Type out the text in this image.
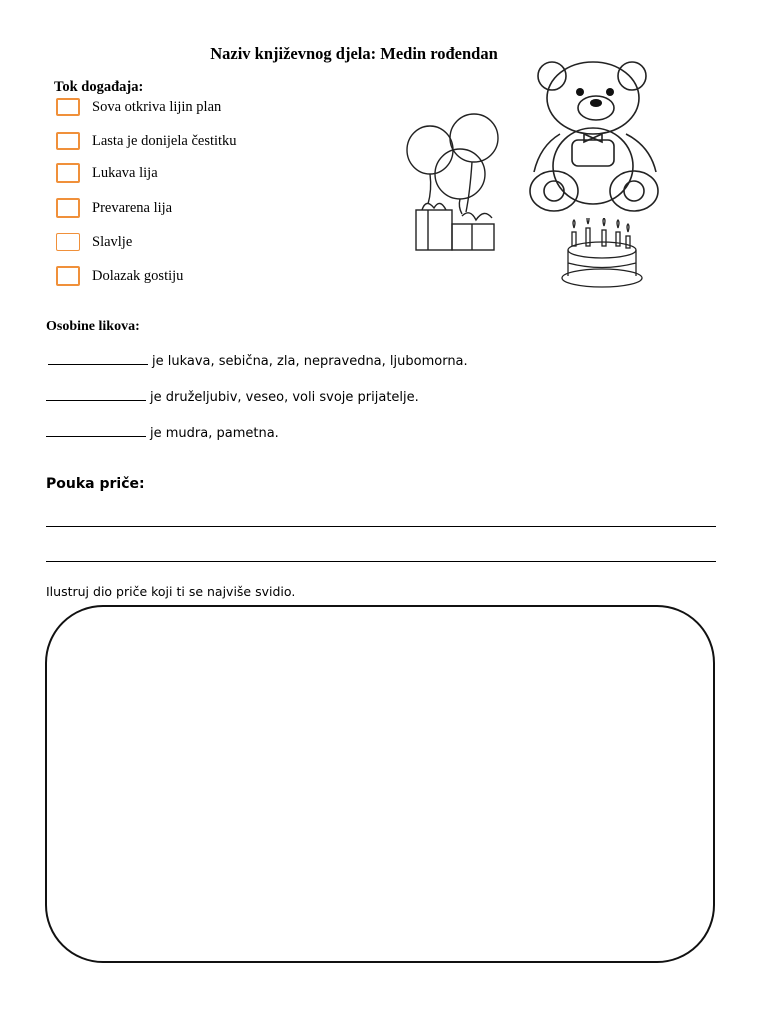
Naziv književnog djela: Medin rođendan
Tok događaja:
Sova otkriva lijin plan
Lasta je donijela čestitku
Lukava lija
Prevarena lija
Slavlje
Dolazak gostiju
Osobine likova:
je lukava, sebična, zla, nepravedna, ljubomorna.
je druželjubiv, veseo, voli svoje prijatelje.
je mudra, pametna.
Pouka priče:
Ilustruj dio priče koji ti se najviše svidio.
